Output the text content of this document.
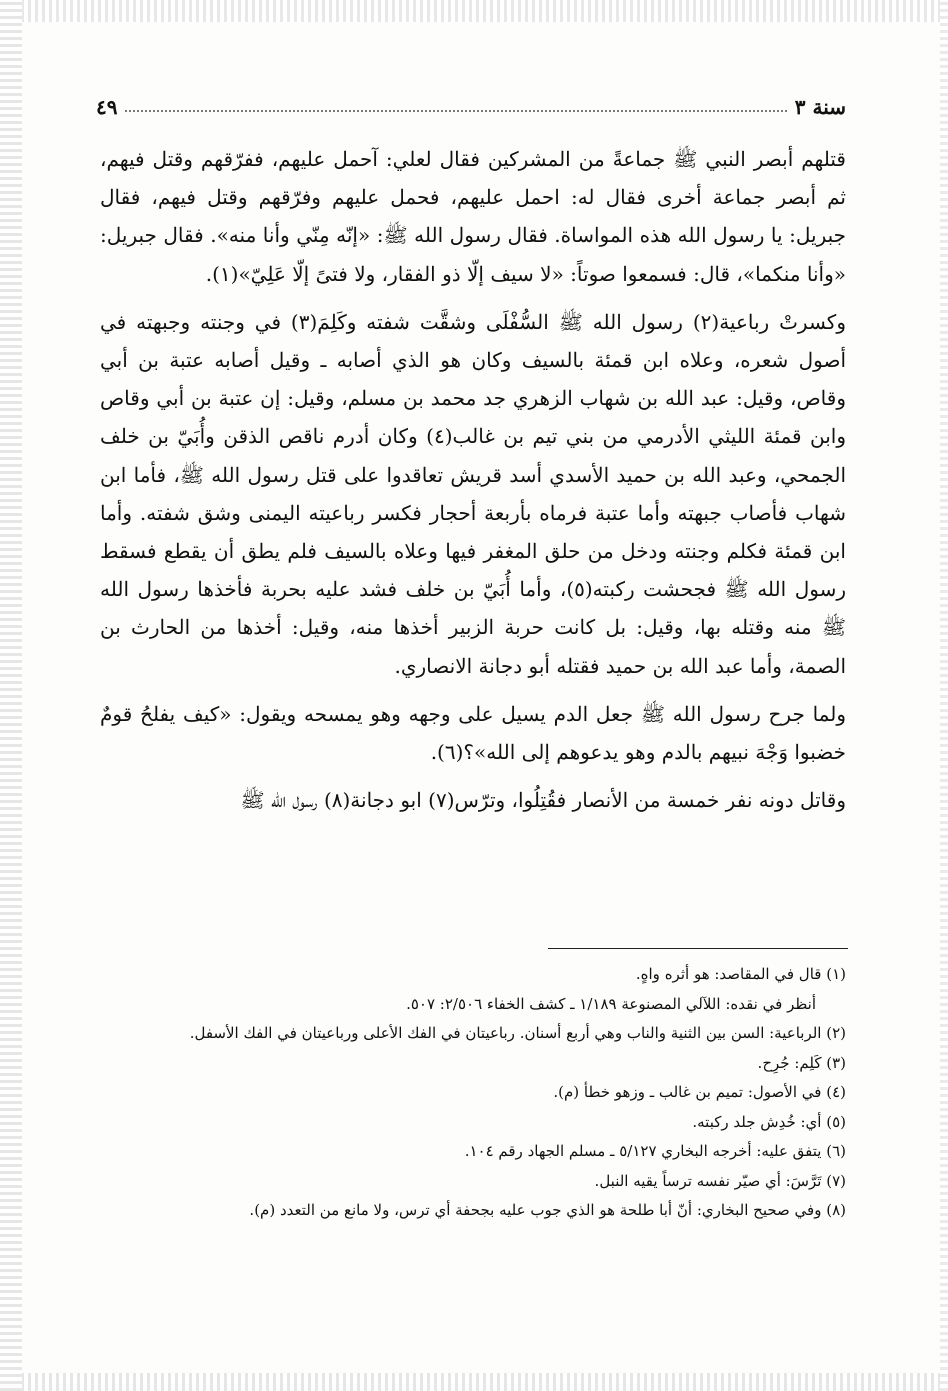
٤٩	سنة ٣

قتلهم أبصر النبي ﷺ جماعةً من المشركين فقال لعلي: آحمل عليهم، ففرّقهم وقتل فيهم، ثم أبصر جماعة أخرى فقال له: احمل عليهم، فحمل عليهم وفرّقهم وقتل فيهم، فقال جبريل: يا رسول الله هذه المواساة. فقال رسول الله ﷺ: «إنّه مِنّي وأنا منه». فقال جبريل: «وأنا منكما»، قال: فسمعوا صوتاً: «لا سيف إلّا ذو الفقار، ولا فتىً إلّا عَلِيّ»(١).

وكسرتْ رباعية(٢) رسول الله ﷺ السُّفْلَى وشقَّت شفته وكَلِمَ(٣) في وجنته وجبهته في أصول شعره، وعلاه ابن قمئة بالسيف وكان هو الذي أصابه ـ وقيل أصابه عتبة بن أبي وقاص، وقيل: عبد الله بن شهاب الزهري جد محمد بن مسلم، وقيل: إن عتبة بن أبي وقاص وابن قمئة الليثي الأدرمي من بني تيم بن غالب(٤) وكان أدرم ناقص الذقن وأُبَيّ بن خلف الجمحي، وعبد الله بن حميد الأسدي أسد قريش تعاقدوا على قتل رسول الله ﷺ، فأما ابن شهاب فأصاب جبهته وأما عتبة فرماه بأربعة أحجار فكسر رباعيته اليمنى وشق شفته. وأما ابن قمئة فكلم وجنته ودخل من حلق المغفر فيها وعلاه بالسيف فلم يطق أن يقطع فسقط رسول الله ﷺ فجحشت ركبته(٥)، وأما أُبَيّ بن خلف فشد عليه بحربة فأخذها رسول الله ﷺ منه وقتله بها، وقيل: بل كانت حربة الزبير أخذها منه، وقيل: أخذها من الحارث بن الصمة، وأما عبد الله بن حميد فقتله أبو دجانة الانصاري.

ولما جرح رسول الله ﷺ جعل الدم يسيل على وجهه وهو يمسحه ويقول: «كيف يفلحُ قومٌ خضبوا وَجْهَ نبيهم بالدم وهو يدعوهم إلى الله»؟(٦).

وقاتل دونه نفر خمسة من الأنصار فقُتِلُوا، وترّس(٧) ابو دجانة(٨) رسول الله ﷺ

(١) قال في المقاصد: هو أثره واهٍ.

أنظر في نقده: اللآلي المصنوعة ١/١٨٩ ـ كشف الخفاء ٢/٥٠٦: ٥٠٧.

(٢) الرباعية: السن بين الثنية والناب وهي أربع أسنان. رباعيتان في الفك الأعلى ورباعيتان في الفك الأسفل.

(٣) كَلِم: جُرِح.

(٤) في الأصول: تميم بن غالب ـ وزهو خطأ (م).

(٥) أي: خُدِش جلد ركبته.

(٦) يتفق عليه: أخرجه البخاري ٥/١٢٧ ـ مسلم الجهاد رقم ١٠٤.

(٧) تَرَّسَ: أي صيّر نفسه ترساً يقيه النبل.

(٨) وفي صحيح البخاري: أنّ أبا طلحة هو الذي جوب عليه بجحفة أي ترس، ولا مانع من التعدد (م).
